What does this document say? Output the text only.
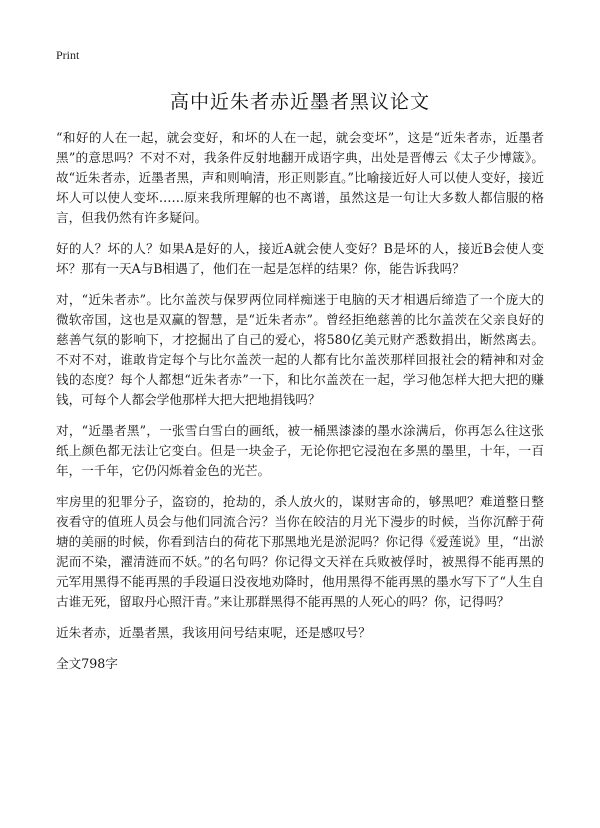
Print
高中近朱者赤近墨者黑议论文

“和好的人在一起，就会变好，和坏的人在一起，就会变坏”，这是“近朱者赤，近墨者黑”的意思吗？不对不对，我条件反射地翻开成语字典，出处是晋傅云《太子少博箴》。故“近朱者赤，近墨者黑，声和则响清，形正则影直。”比喻接近好人可以使人变好，接近坏人可以使人变坏……原来我所理解的也不离谱，虽然这是一句让大多数人都信服的格言，但我仍然有许多疑问。

好的人？坏的人？如果A是好的人，接近A就会使人变好？B是坏的人，接近B会使人变坏？那有一天A与B相遇了，他们在一起是怎样的结果？你，能告诉我吗？

对，“近朱者赤”。比尔盖茨与保罗两位同样痴迷于电脑的天才相遇后缔造了一个庞大的微软帝国，这也是双赢的智慧，是“近朱者赤”。曾经拒绝慈善的比尔盖茨在父亲良好的慈善气氛的影响下，才挖掘出了自己的爱心，将580亿美元财产悉数捐出，断然离去。不对不对，谁敢肯定每个与比尔盖茨一起的人都有比尔盖茨那样回报社会的精神和对金钱的态度？每个人都想“近朱者赤”一下，和比尔盖茨在一起，学习他怎样大把大把的赚钱，可每个人都会学他那样大把大把地捐钱吗？

对，“近墨者黑”，一张雪白雪白的画纸，被一桶黑漆漆的墨水涂满后，你再怎么往这张纸上颜色都无法让它变白。但是一块金子，无论你把它浸泡在多黑的墨里，十年，一百年，一千年，它仍闪烁着金色的光芒。

牢房里的犯罪分子，盗窃的，抢劫的，杀人放火的，谋财害命的，够黑吧？难道整日整夜看守的值班人员会与他们同流合污？当你在皎洁的月光下漫步的时候，当你沉醉于荷塘的美丽的时候，你看到洁白的荷花下那黑地光是淤泥吗？你记得《爱莲说》里，“出淤泥而不染，濯清涟而不妖。”的名句吗？你记得文天祥在兵败被俘时，被黑得不能再黑的元军用黑得不能再黑的手段逼日没夜地劝降时，他用黑得不能再黑的墨水写下了“人生自古谁无死，留取丹心照汗青。”来让那群黑得不能再黑的人死心的吗？你，记得吗？

近朱者赤，近墨者黑，我该用问号结束呢，还是感叹号？

全文798字
